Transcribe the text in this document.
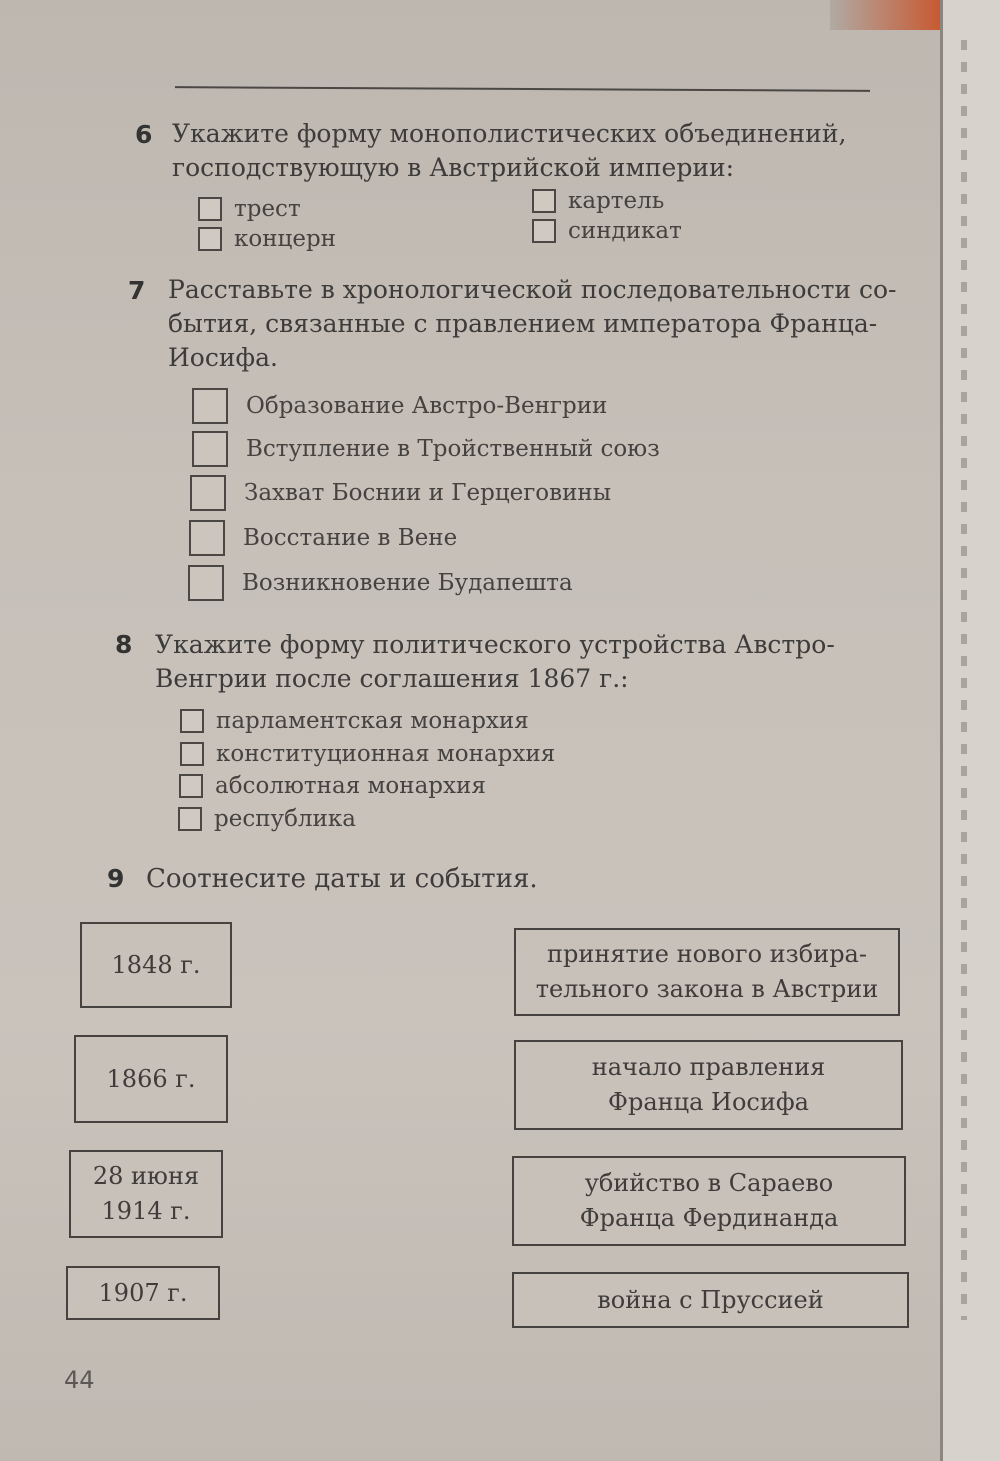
6 Укажите форму монополистических объединений,
господствующую в Австрийской империи:
трест
концерн
картель
синдикат
7 Расставьте в хронологической последовательности со-
бытия, связанные с правлением императора Франца-
Иосифа.
Образование Австро-Венгрии
Вступление в Тройственный союз
Захват Боснии и Герцеговины
Восстание в Вене
Возникновение Будапешта
8 Укажите форму политического устройства Австро-
Венгрии после соглашения 1867 г.:
парламентская монархия
конституционная монархия
абсолютная монархия
республика
9 Соотнесите даты и события.
1848 г.
1866 г.
28 июня
1914 г.
1907 г.
принятие нового избира-
тельного закона в Австрии
начало правления
Франца Иосифа
убийство в Сараево
Франца Фердинанда
война с Пруссией
44
